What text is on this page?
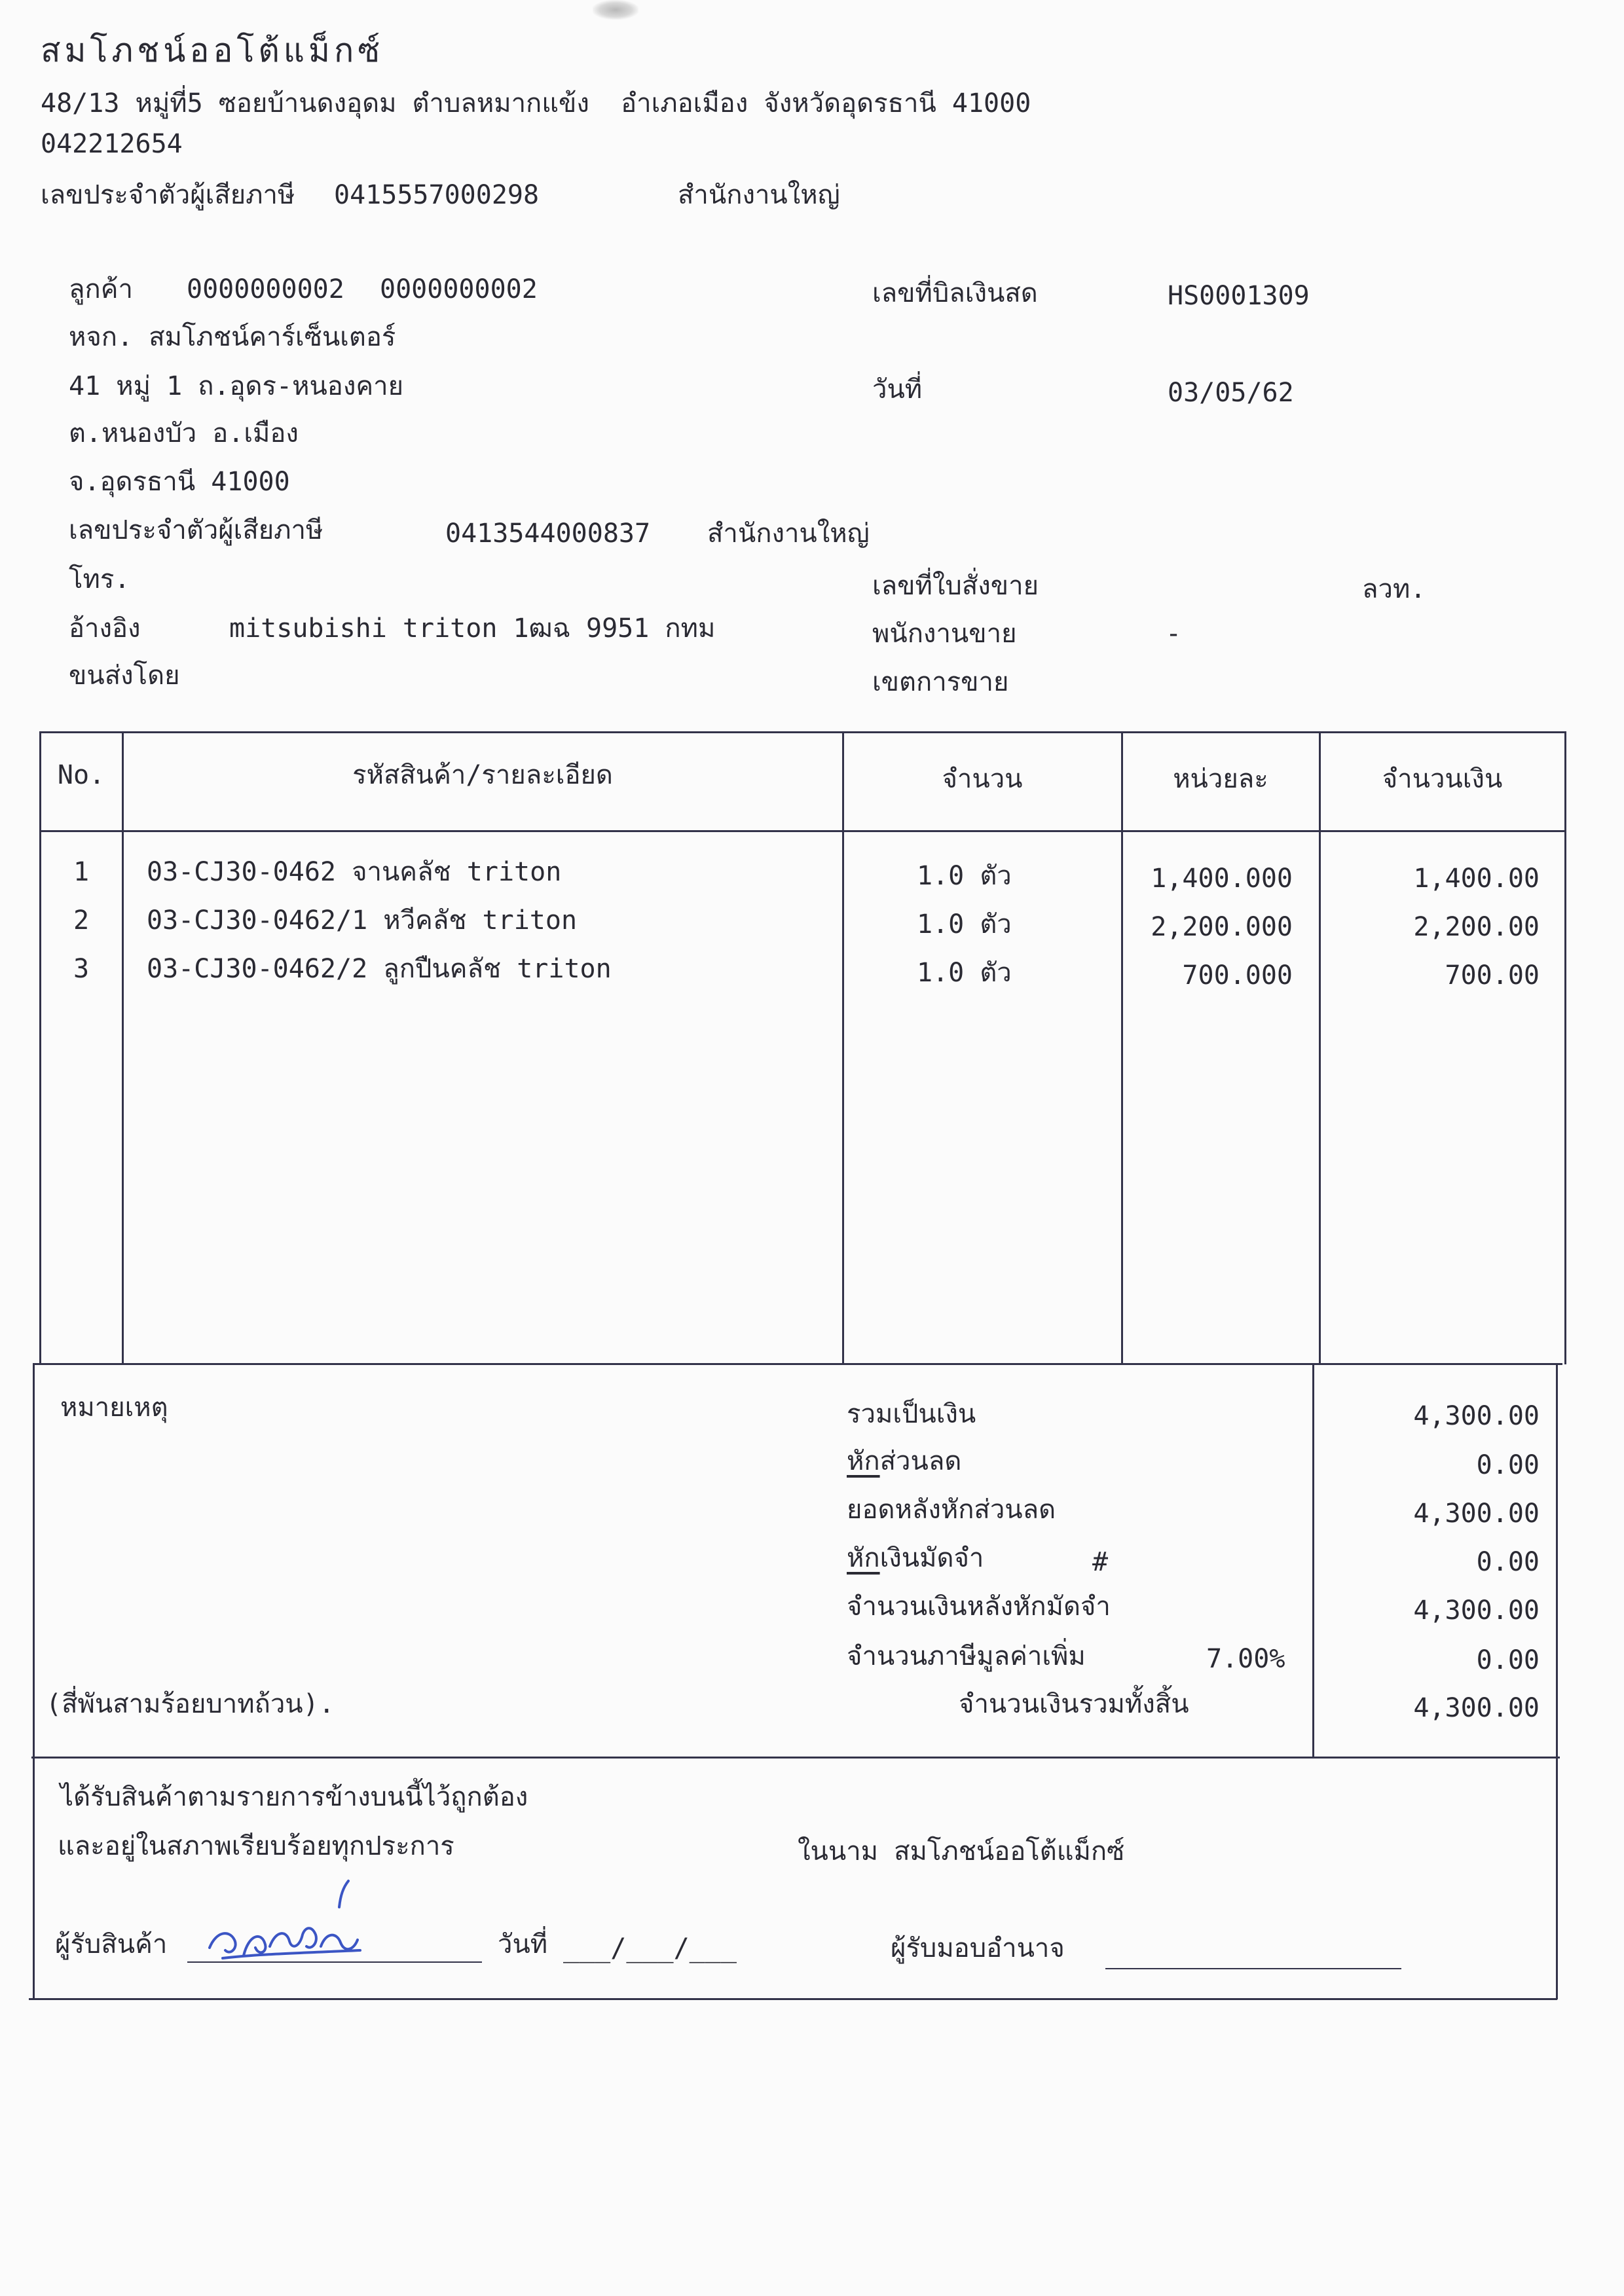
สมโภชน์ออโต้แม็กซ์
48/13 หมู่ที่5 ซอยบ้านดงอุดม ตำบลหมากแข้ง  อำเภอเมือง จังหวัดอุดรธานี 41000
042212654
เลขประจำตัวผู้เสียภาษี 0415557000298	สำนักงานใหญ่
ลูกค้า 0000000002 0000000002
หจก. สมโภชน์คาร์เซ็นเตอร์
41 หมู่ 1 ถ.อุดร-หนองคาย
ต.หนองบัว อ.เมือง
จ.อุดรธานี 41000
เลขประจำตัวผู้เสียภาษี	0413544000837 สำนักงานใหญ่
โทร.
อ้างอิง	mitsubishi triton 1ฒฉ 9951 กทม
ขนส่งโดย
เลขที่บิลเงินสด	HS0001309
วันที่	03/05/62
เลขที่ใบสั่งขาย	ลวท.
พนักงานขาย	-
เขตการขาย
No.	รหัสสินค้า/รายละเอียด	จำนวน	หน่วยละ	จำนวนเงิน
1	03-CJ30-0462 จานคลัช triton	1.0 ตัว	1,400.000	1,400.00
2	03-CJ30-0462/1 หวีคลัช triton	1.0 ตัว	2,200.000	2,200.00
3	03-CJ30-0462/2 ลูกปืนคลัช triton	1.0 ตัว	700.000	700.00
หมายเหตุ	รวมเป็นเงิน	4,300.00
หักส่วนลด	0.00
ยอดหลังหักส่วนลด	4,300.00
หักเงินมัดจำ	#	0.00
จำนวนเงินหลังหักมัดจำ	4,300.00
จำนวนภาษีมูลค่าเพิ่ม	7.00%	0.00
(สี่พันสามร้อยบาทถ้วน).	จำนวนเงินรวมทั้งสิ้น	4,300.00
ได้รับสินค้าตามรายการข้างบนนี้ไว้ถูกต้อง
และอยู่ในสภาพเรียบร้อยทุกประการ	ในนาม สมโภชน์ออโต้แม็กซ์
ผู้รับสินค้า	วันที่ ___/___/___	ผู้รับมอบอำนาจ
